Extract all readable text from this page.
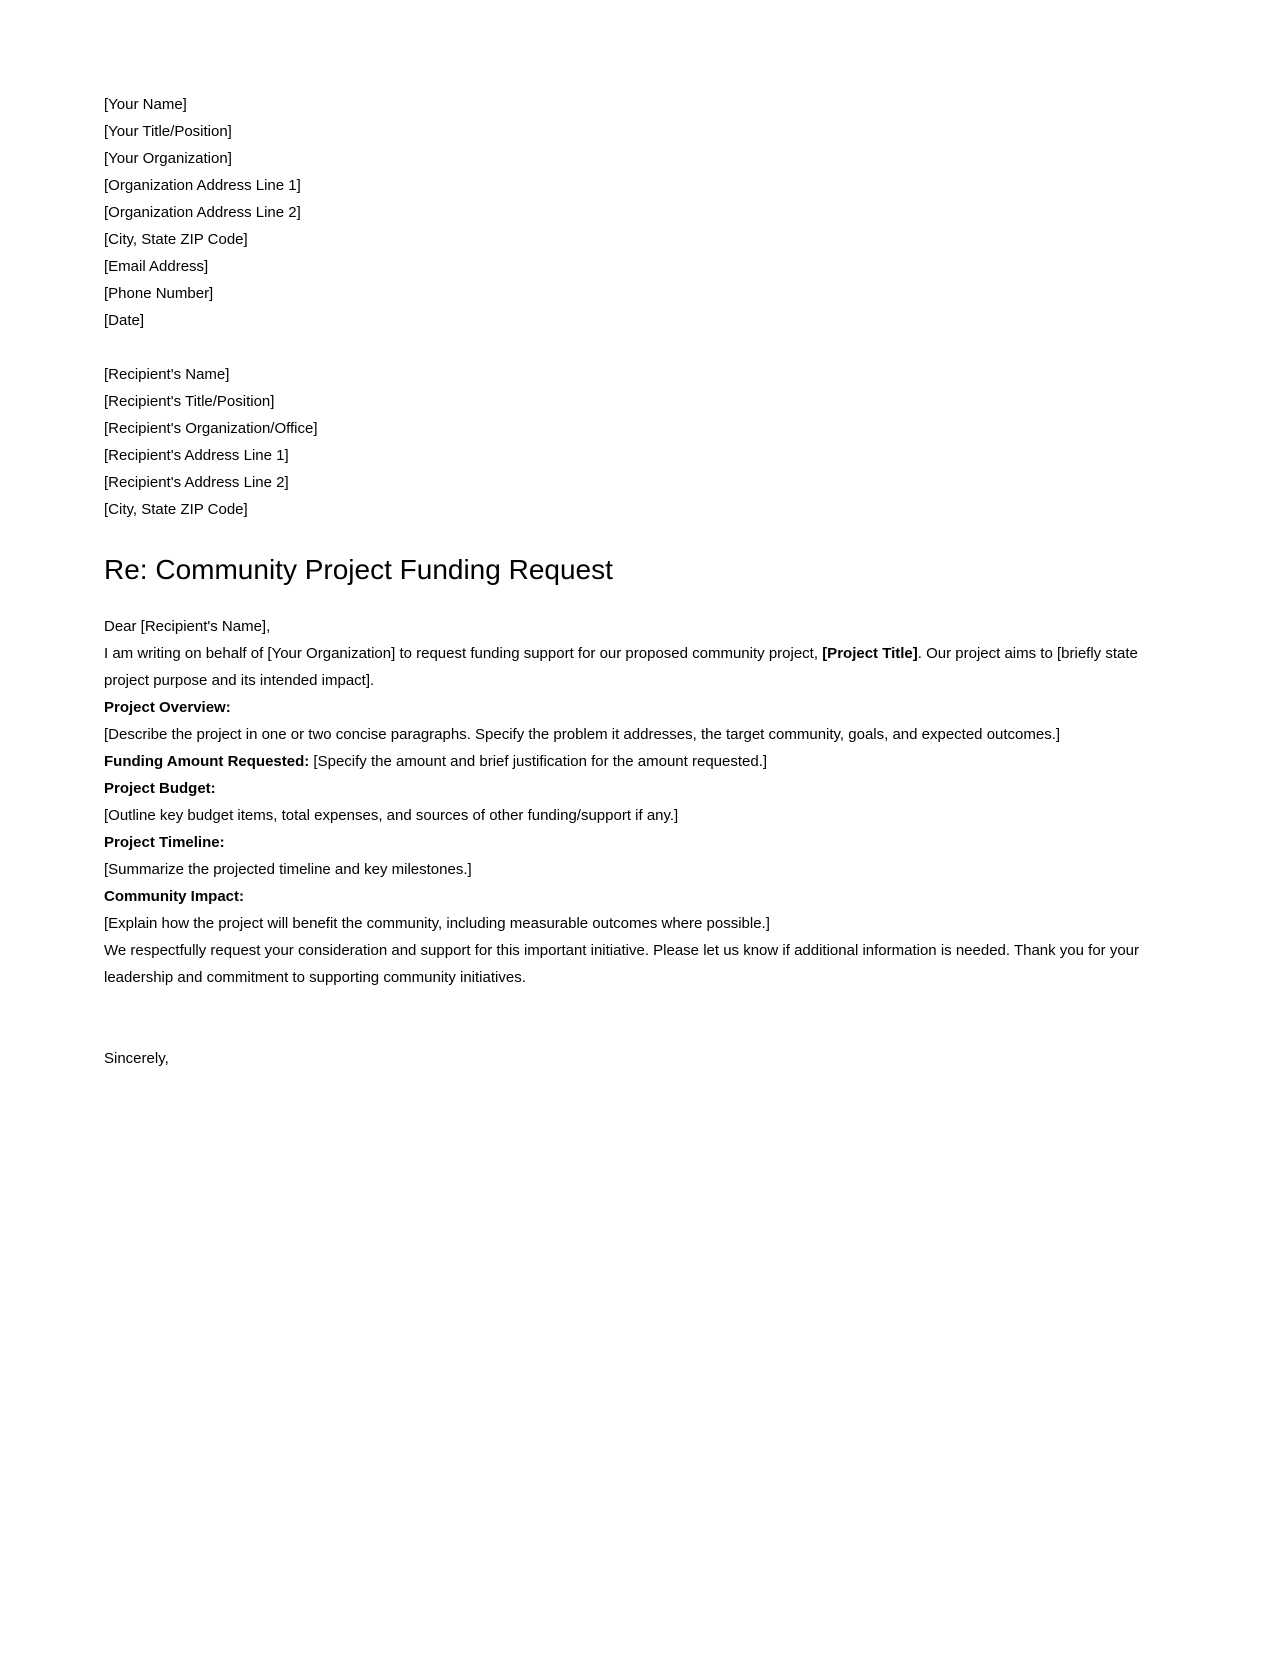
[Your Name]

[Your Title/Position]

[Your Organization]

[Organization Address Line 1]

[Organization Address Line 2]

[City, State ZIP Code]

[Email Address]

[Phone Number]

[Date]

[Recipient's Name]

[Recipient's Title/Position]

[Recipient's Organization/Office]

[Recipient's Address Line 1]

[Recipient's Address Line 2]

[City, State ZIP Code]

Re: Community Project Funding Request

Dear [Recipient's Name],

I am writing on behalf of [Your Organization] to request funding support for our proposed community project, [Project Title]. Our project aims to [briefly state project purpose and its intended impact].

Project Overview:
[Describe the project in one or two concise paragraphs. Specify the problem it addresses, the target community, goals, and expected outcomes.]

Funding Amount Requested: [Specify the amount and brief justification for the amount requested.]

Project Budget:
[Outline key budget items, total expenses, and sources of other funding/support if any.]

Project Timeline:
[Summarize the projected timeline and key milestones.]

Community Impact:
[Explain how the project will benefit the community, including measurable outcomes where possible.]

We respectfully request your consideration and support for this important initiative. Please let us know if additional information is needed. Thank you for your leadership and commitment to supporting community initiatives.

Sincerely,
